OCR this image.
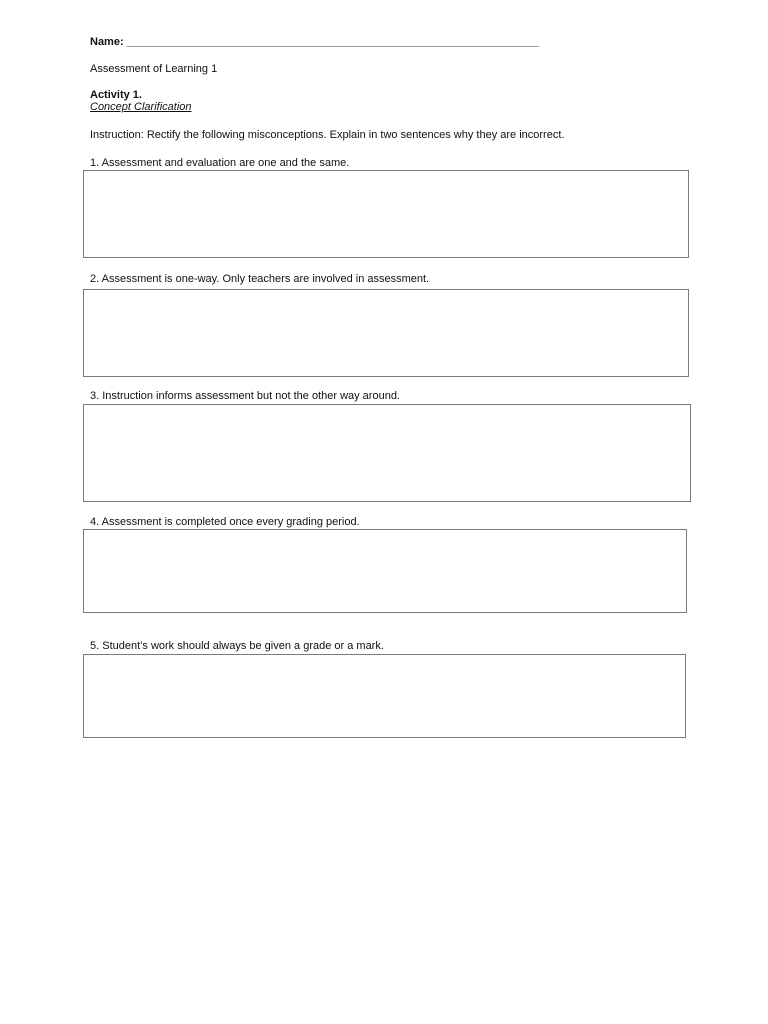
Name: ________________________________________________________________________
Assessment of Learning 1
Activity 1.
Concept Clarification
Instruction: Rectify the following misconceptions. Explain in two sentences why they are incorrect.
1. Assessment and evaluation are one and the same.
2. Assessment is one-way. Only teachers are involved in assessment.
3. Instruction informs assessment but not the other way around.
4. Assessment is completed once every grading period.
5. Student’s work should always be given a grade or a mark.
